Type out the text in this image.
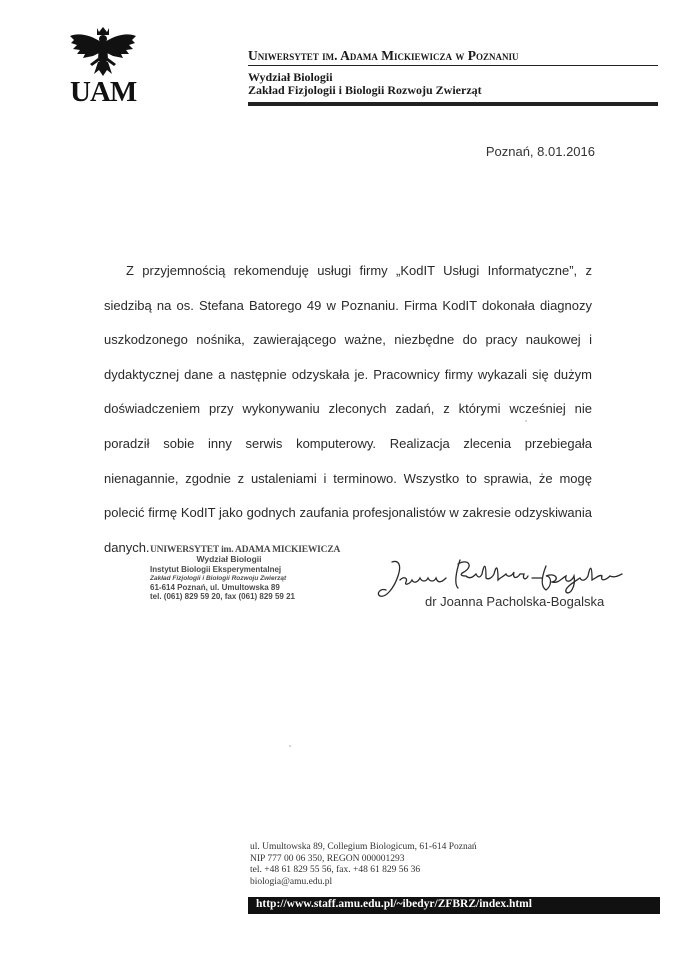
UAM
Uniwersytet im. Adama Mickiewicza w Poznaniu
Wydział Biologii
Zakład Fizjologii i Biologii Rozwoju Zwierząt
Poznań, 8.01.2016

Z przyjemnością rekomenduję usługi firmy „KodIT Usługi Informatyczne”, z siedzibą na os. Stefana Batorego 49 w Poznaniu. Firma KodIT dokonała diagnozy uszkodzonego nośnika, zawierającego ważne, niezbędne do pracy naukowej i dydaktycznej dane a następnie odzyskała je. Pracownicy firmy wykazali się dużym doświadczeniem przy wykonywaniu zleconych zadań, z którymi wcześniej nie poradził sobie inny serwis komputerowy. Realizacja zlecenia przebiegała nienagannie, zgodnie z ustaleniami i terminowo. Wszystko to sprawia, że mogę polecić firmę KodIT jako godnych zaufania profesjonalistów w zakresie odzyskiwania danych. UNIWERSYTET im. ADAMA MICKIEWICZA
Wydział Biologii
Instytut Biologii Eksperymentalnej
Zakład Fizjologii i Biologii Rozwoju Zwierząt
61-614 Poznań, ul. Umultowska 89
tel. (061) 829 59 20, fax (061) 829 59 21	dr Joanna Pacholska-Bogalska
ul. Umultowska 89, Collegium Biologicum, 61-614 Poznań
NIP 777 00 06 350, REGON 000001293
tel. +48 61 829 55 56, fax. +48 61 829 56 36
biologia@amu.edu.pl
http://www.staff.amu.edu.pl/~ibedyr/ZFBRZ/index.html
